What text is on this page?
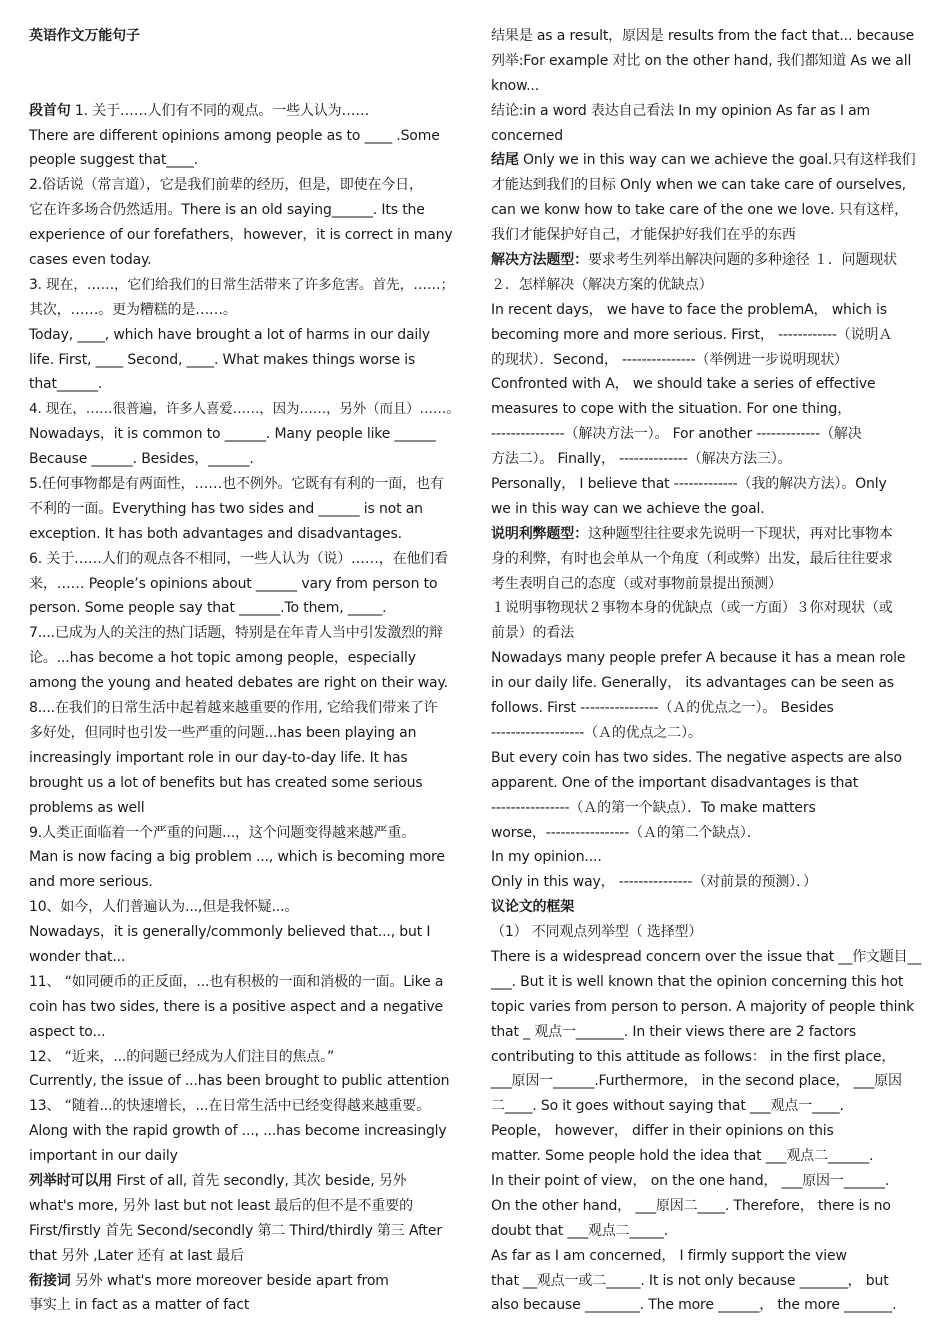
英语作文万能句子
段首句 1. 关于……人们有不同的观点。一些人认为……
There are different opinions among people as to ____ .Some
people suggest that____.
2.俗话说（常言道），它是我们前辈的经历，但是，即使在今日，
它在许多场合仍然适用。There is an old saying______. Its the
experience of our forefathers，however，it is correct in many
cases even today.
3. 现在，……，它们给我们的日常生活带来了许多危害。首先，……；
其次，……。更为糟糕的是……。
Today, ____, which have brought a lot of harms in our daily
life. First, ____ Second, ____. What makes things worse is
that______.
4. 现在，……很普遍，许多人喜爱……，因为……，另外（而且）……。
Nowadays，it is common to ______. Many people like ______
Because ______. Besides，______.
5.任何事物都是有两面性，……也不例外。它既有有利的一面，也有
不利的一面。Everything has two sides and ______ is not an
exception. It has both advantages and disadvantages.
6. 关于……人们的观点各不相同，一些人认为（说）……，在他们看
来，…… People’s opinions about ______ vary from person to
person. Some people say that ______.To them, _____.
7....已成为人的关注的热门话题，特别是在年青人当中引发激烈的辩
论。...has become a hot topic among people，especially
among the young and heated debates are right on their way.
8....在我们的日常生活中起着越来越重要的作用, 它给我们带来了许
多好处，但同时也引发一些严重的问题...has been playing an
increasingly important role in our day-to-day life. It has
brought us a lot of benefits but has created some serious
problems as well
9.人类正面临着一个严重的问题...，这个问题变得越来越严重。
Man is now facing a big problem ..., which is becoming more
and more serious.
10、如今，人们普遍认为...,但是我怀疑...。
Nowadays，it is generally/commonly believed that..., but I
wonder that...
11、 “如同硬币的正反面，...也有积极的一面和消极的一面。Like a
coin has two sides, there is a positive aspect and a negative
aspect to...
12、 “近来，...的问题已经成为人们注目的焦点。”
Currently, the issue of ...has been brought to public attention
13、 “随着...的快速增长，...在日常生活中已经变得越来越重要。
Along with the rapid growth of ..., ...has become increasingly
important in our daily
列举时可以用 First of all, 首先 secondly, 其次 beside, 另外
what's more, 另外 last but not least 最后的但不是不重要的
First/firstly 首先 Second/secondly 第二 Third/thirdly 第三 After
that 另外 ,Later 还有 at last 最后
衔接词 另外 what's more moreover beside apart from
事实上 in fact as a matter of fact
结果是 as a result，原因是 results from the fact that... because
列举:For example 对比 on the other hand, 我们都知道 As we all
know...
结论:in a word 表达自己看法 In my opinion As far as I am
concerned
结尾 Only we in this way can we achieve the goal.只有这样我们
才能达到我们的目标 Only when we can take care of ourselves,
can we konw how to take care of the one we love. 只有这样，
我们才能保护好自己，才能保护好我们在乎的东西
解决方法题型：要求考生列举出解决问题的多种途径 １．问题现状
２．怎样解决（解决方案的优缺点）
In recent days， we have to face the problemA， which is
becoming more and more serious. First， ------------（说明Ａ
的现状）．Second， ---------------（举例进一步说明现状）
Confronted with A， we should take a series of effective
measures to cope with the situation. For one thing，
---------------（解决方法一）。 For another -------------（解决
方法二）。 Finally， --------------（解决方法三）。
Personally， I believe that -------------（我的解决方法）。Only
we in this way can we achieve the goal.
说明利弊题型：这种题型往往要求先说明一下现状，再对比事物本
身的利弊，有时也会单从一个角度（利或弊）出发，最后往往要求
考生表明自己的态度（或对事物前景提出预测）
１说明事物现状２事物本身的优缺点（或一方面）３你对现状（或
前景）的看法
Nowadays many people prefer A because it has a mean role
in our daily life. Generally， its advantages can be seen as
follows. First ----------------（Ａ的优点之一）。 Besides
-------------------（Ａ的优点之二）。
But every coin has two sides. The negative aspects are also
apparent. One of the important disadvantages is that
----------------（Ａ的第一个缺点）．To make matters
worse，-----------------（Ａ的第二个缺点）．
In my opinion....
Only in this way， ---------------（对前景的预测）．）
议论文的框架
（1） 不同观点列举型（ 选择型）
There is a widespread concern over the issue that __作文题目__
___. But it is well known that the opinion concerning this hot
topic varies from person to person. A majority of people think
that _ 观点一_______. In their views there are 2 factors
contributing to this attitude as follows： in the first place，
___原因一______.Furthermore， in the second place， ___原因
二____. So it goes without saying that ___观点一____.
People， however， differ in their opinions on this
matter. Some people hold the idea that ___观点二______.
In their point of view， on the one hand， ___原因一______.
On the other hand， ___原因二____. Therefore， there is no
doubt that ___观点二_____.
As far as I am concerned， I firmly support the view
that __观点一或二_____. It is not only because _______， but
also because ________. The more ______， the more _______.
